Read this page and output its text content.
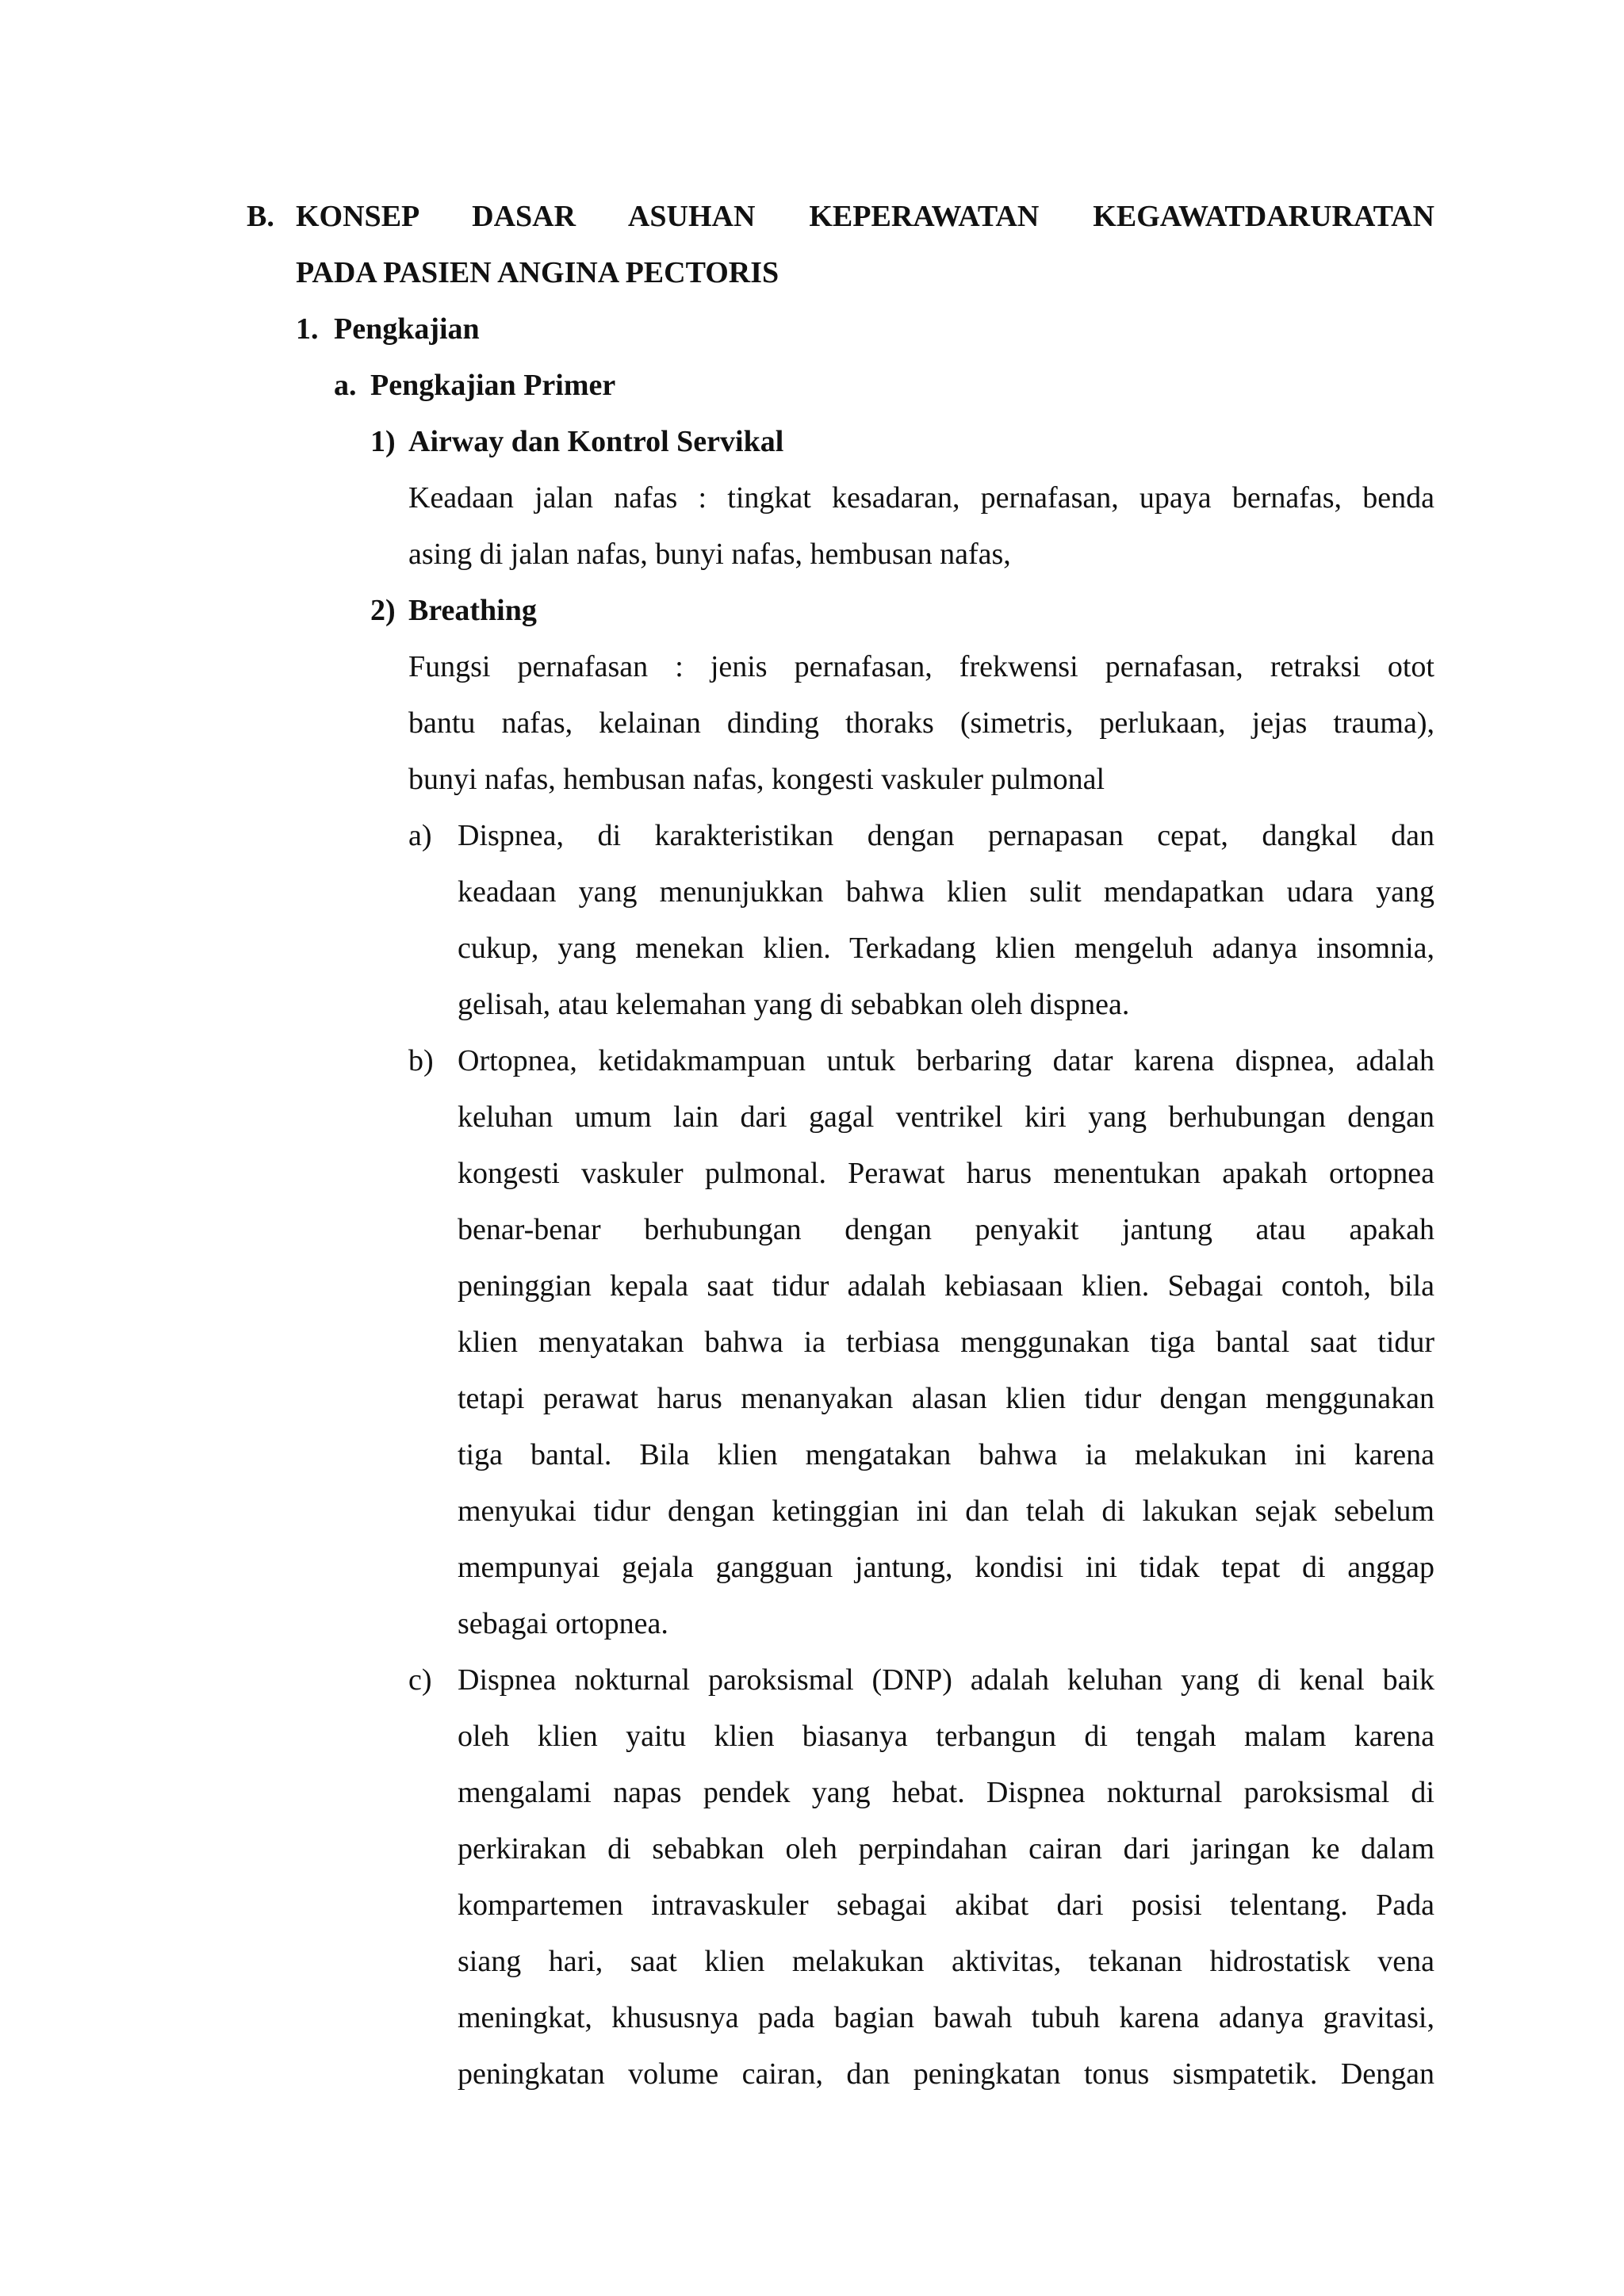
B. KONSEP DASAR ASUHAN KEPERAWATAN KEGAWATDARURATAN
PADA PASIEN ANGINA PECTORIS
1. Pengkajian
a. Pengkajian Primer
1) Airway dan Kontrol Servikal
Keadaan jalan nafas : tingkat kesadaran, pernafasan, upaya bernafas, benda
asing di jalan nafas, bunyi nafas, hembusan nafas,
2) Breathing
Fungsi pernafasan : jenis pernafasan, frekwensi pernafasan, retraksi otot
bantu nafas, kelainan dinding thoraks (simetris, perlukaan, jejas trauma),
bunyi nafas, hembusan nafas, kongesti vaskuler pulmonal
a) Dispnea, di karakteristikan dengan pernapasan cepat, dangkal dan
keadaan yang menunjukkan bahwa klien sulit mendapatkan udara yang
cukup, yang menekan klien. Terkadang klien mengeluh adanya insomnia,
gelisah, atau kelemahan yang di sebabkan oleh dispnea.
b) Ortopnea, ketidakmampuan untuk berbaring datar karena dispnea, adalah
keluhan umum lain dari gagal ventrikel kiri yang berhubungan dengan
kongesti vaskuler pulmonal. Perawat harus menentukan apakah ortopnea
benar-benar berhubungan dengan penyakit jantung atau apakah
peninggian kepala saat tidur adalah kebiasaan klien. Sebagai contoh, bila
klien menyatakan bahwa ia terbiasa menggunakan tiga bantal saat tidur
tetapi perawat harus menanyakan alasan klien tidur dengan menggunakan
tiga bantal. Bila klien mengatakan bahwa ia melakukan ini karena
menyukai tidur dengan ketinggian ini dan telah di lakukan sejak sebelum
mempunyai gejala gangguan jantung, kondisi ini tidak tepat di anggap
sebagai ortopnea.
c) Dispnea nokturnal paroksismal (DNP) adalah keluhan yang di kenal baik
oleh klien yaitu klien biasanya terbangun di tengah malam karena
mengalami napas pendek yang hebat. Dispnea nokturnal paroksismal di
perkirakan di sebabkan oleh perpindahan cairan dari jaringan ke dalam
kompartemen intravaskuler sebagai akibat dari posisi telentang. Pada
siang hari, saat klien melakukan aktivitas, tekanan hidrostatisk vena
meningkat, khususnya pada bagian bawah tubuh karena adanya gravitasi,
peningkatan volume cairan, dan peningkatan tonus sismpatetik. Dengan
